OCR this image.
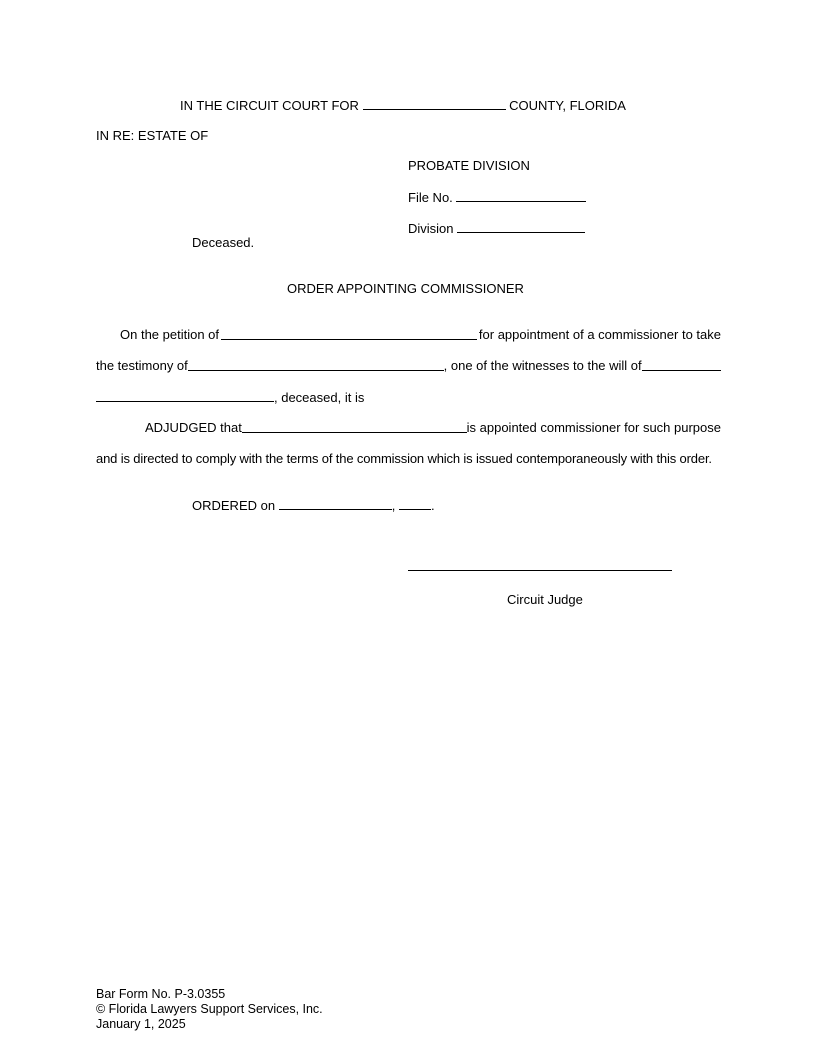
IN THE CIRCUIT COURT FOR	COUNTY, FLORIDA
IN RE: ESTATE OF
PROBATE DIVISION
File No.
Division
Deceased.
ORDER APPOINTING COMMISSIONER
On the petition of	for appointment of a commissioner to take
the testimony of	, one of the witnesses to the will of
, deceased, it is
ADJUDGED that	is appointed commissioner for such purpose
and is directed to comply with the terms of the commission which is issued contemporaneously with this order.
ORDERED on	,	.
Circuit Judge
Bar Form No. P-3.0355
© Florida Lawyers Support Services, Inc.
January 1, 2025
